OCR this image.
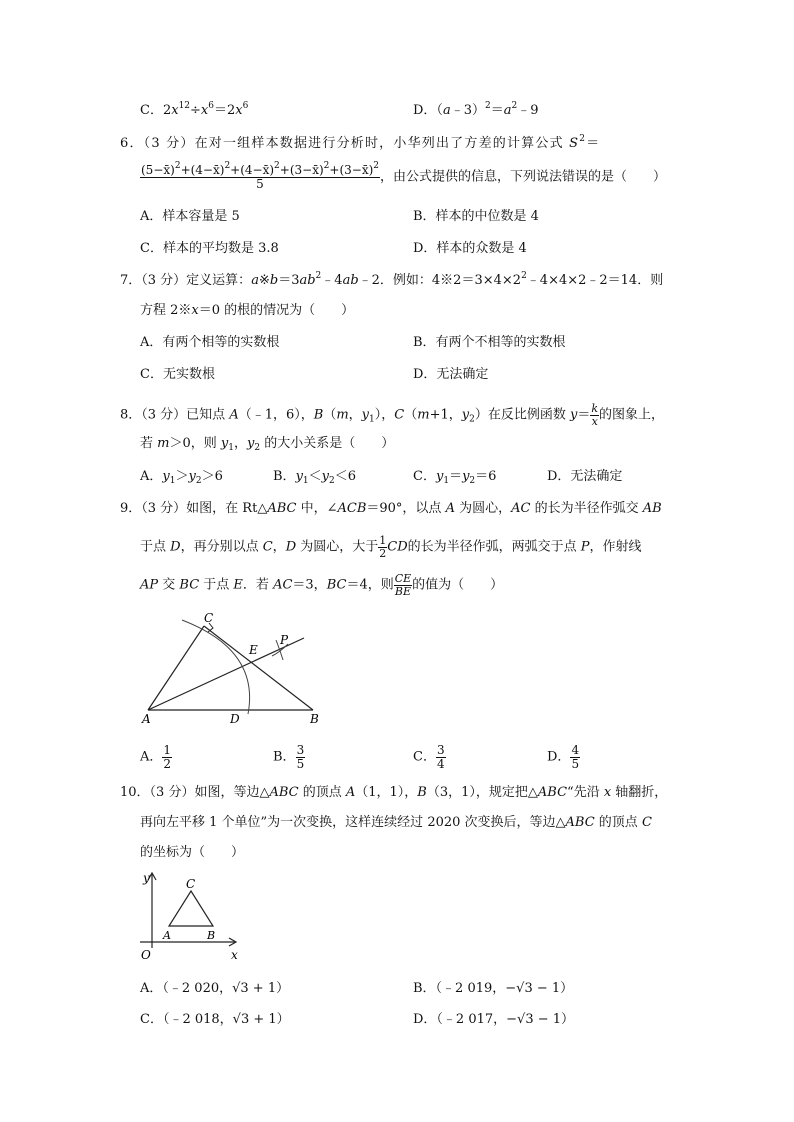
C．$2x^{12}\div x^6=2x^6$	D．$(a﹣3)^2=a^2﹣9$
6．（3 分）在对一组样本数据进行分析时，小华列出了方差的计算公式 $S^2=$
$\frac{(5-x̄)^2+(4-x̄)^2+(4-x̄)^2+(3-x̄)^2+(3-x̄)^2}{5}$ ，由公式提供的信息，下列说法错误的是（　　）
A．样本容量是 5	B．样本的中位数是 4
C．样本的平均数是 3.8	D．样本的众数是 4
7．（3 分）定义运算：$a※b=3ab^2﹣4ab﹣2$．例如：$4※2=3\times 4\times 2^2﹣4\times 4\times 2﹣2=14$．则
方程 2※x＝0 的根的情况为（　　）
A．有两个相等的实数根	B．有两个不相等的实数根
C．无实数根	D．无法确定
8．（3 分）已知点 A（﹣1，6），B（m，$y_1$），C（m+1，$y_2$）在反比例函数 $y= \frac{k}{x}$ 的图象上，
若 m＞0，则 $y_1$，$y_2$ 的大小关系是（　　）
A．$y_1>y_2>6$	B．$y_1<y_2<6$	C．$y_1=y_2=6$	D．无法确定
9．（3 分）如图，在 Rt△ABC 中，∠ACB＝90°，以点 A 为圆心，AC 的长为半径作弧交 AB
于点 D，再分别以点 C，D 为圆心，大于 $\frac{1}{2}$ CD的长为半径作弧，两弧交于点 P，作射线
AP 交 BC 于点 E．若 AC＝3，BC＝4，则 $\frac{CE}{BE}$ 的值为（　　）
C
E
P
A	D	B
A． $\frac{1}{2}$	B． $\frac{3}{5}$	C． $\frac{3}{4}$	D． $\frac{4}{5}$
10．（3 分）如图，等边△ABC 的顶点 A（1，1），B（3，1），规定把△ABC“先沿 x 轴翻折，
再向左平移 1 个单位”为一次变换，这样连续经过 2020 次变换后，等边△ABC 的顶点 C
的坐标为（　　）
y	C
A	B
O	x
A．（﹣2 020，√3 + 1）	B．（﹣2 019，−√3 − 1）
C．（﹣2 018，√3 + 1）	D．（﹣2 017，−√3 − 1）
